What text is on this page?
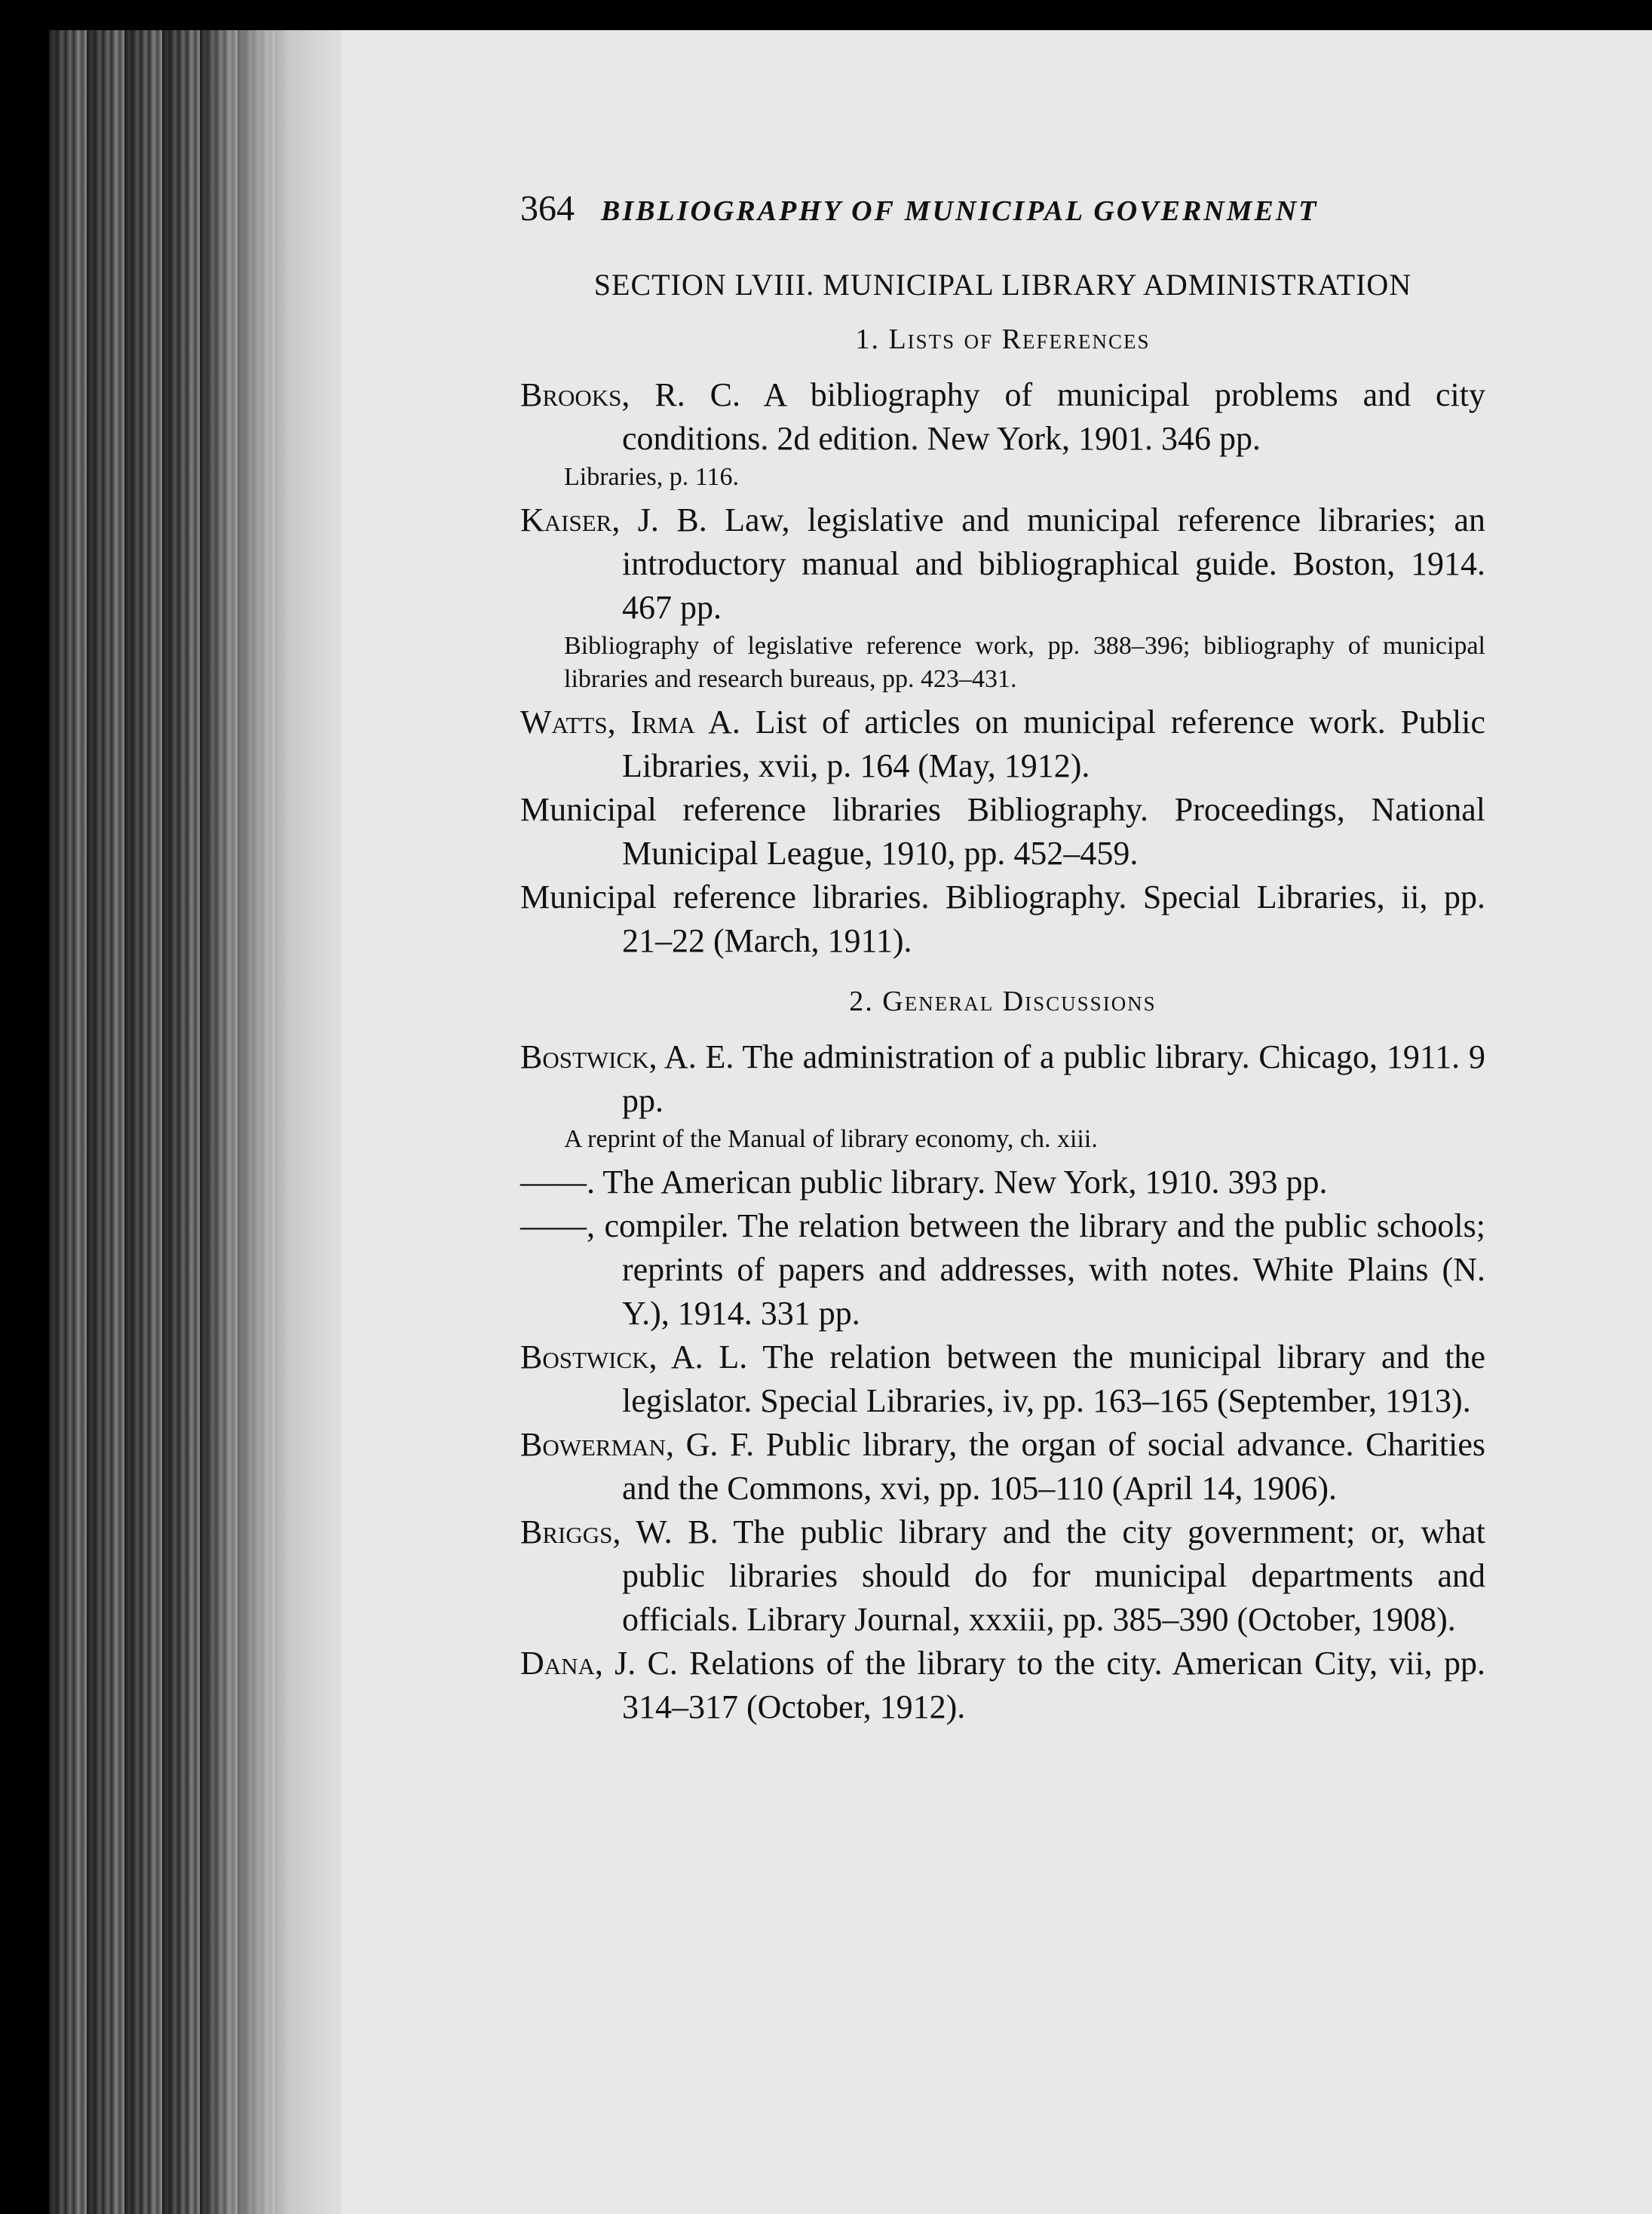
364 BIBLIOGRAPHY OF MUNICIPAL GOVERNMENT
SECTION LVIII. MUNICIPAL LIBRARY ADMINISTRATION
1. Lists of References

Brooks, R. C. A bibliography of municipal problems and city conditions. 2d edition. New York, 1901. 346 pp.

Libraries, p. 116.

Kaiser, J. B. Law, legislative and municipal reference libraries; an introductory manual and bibliographical guide. Boston, 1914. 467 pp.

Bibliography of legislative reference work, pp. 388–396; bibliography of municipal libraries and research bureaus, pp. 423–431.

Watts, Irma A. List of articles on municipal reference work. Public Libraries, xvii, p. 164 (May, 1912).

Municipal reference libraries Bibliography. Proceedings, National Municipal League, 1910, pp. 452–459.

Municipal reference libraries. Bibliography. Special Libraries, ii, pp. 21–22 (March, 1911).

2. General Discussions

Bostwick, A. E. The administration of a public library. Chicago, 1911. 9 pp.

A reprint of the Manual of library economy, ch. xiii.

——. The American public library. New York, 1910. 393 pp.

——, compiler. The relation between the library and the public schools; reprints of papers and addresses, with notes. White Plains (N. Y.), 1914. 331 pp.

Bostwick, A. L. The relation between the municipal library and the legislator. Special Libraries, iv, pp. 163–165 (September, 1913).

Bowerman, G. F. Public library, the organ of social advance. Charities and the Commons, xvi, pp. 105–110 (April 14, 1906).

Briggs, W. B. The public library and the city government; or, what public libraries should do for municipal departments and officials. Library Journal, xxxiii, pp. 385–390 (October, 1908).

Dana, J. C. Relations of the library to the city. American City, vii, pp. 314–317 (October, 1912).
